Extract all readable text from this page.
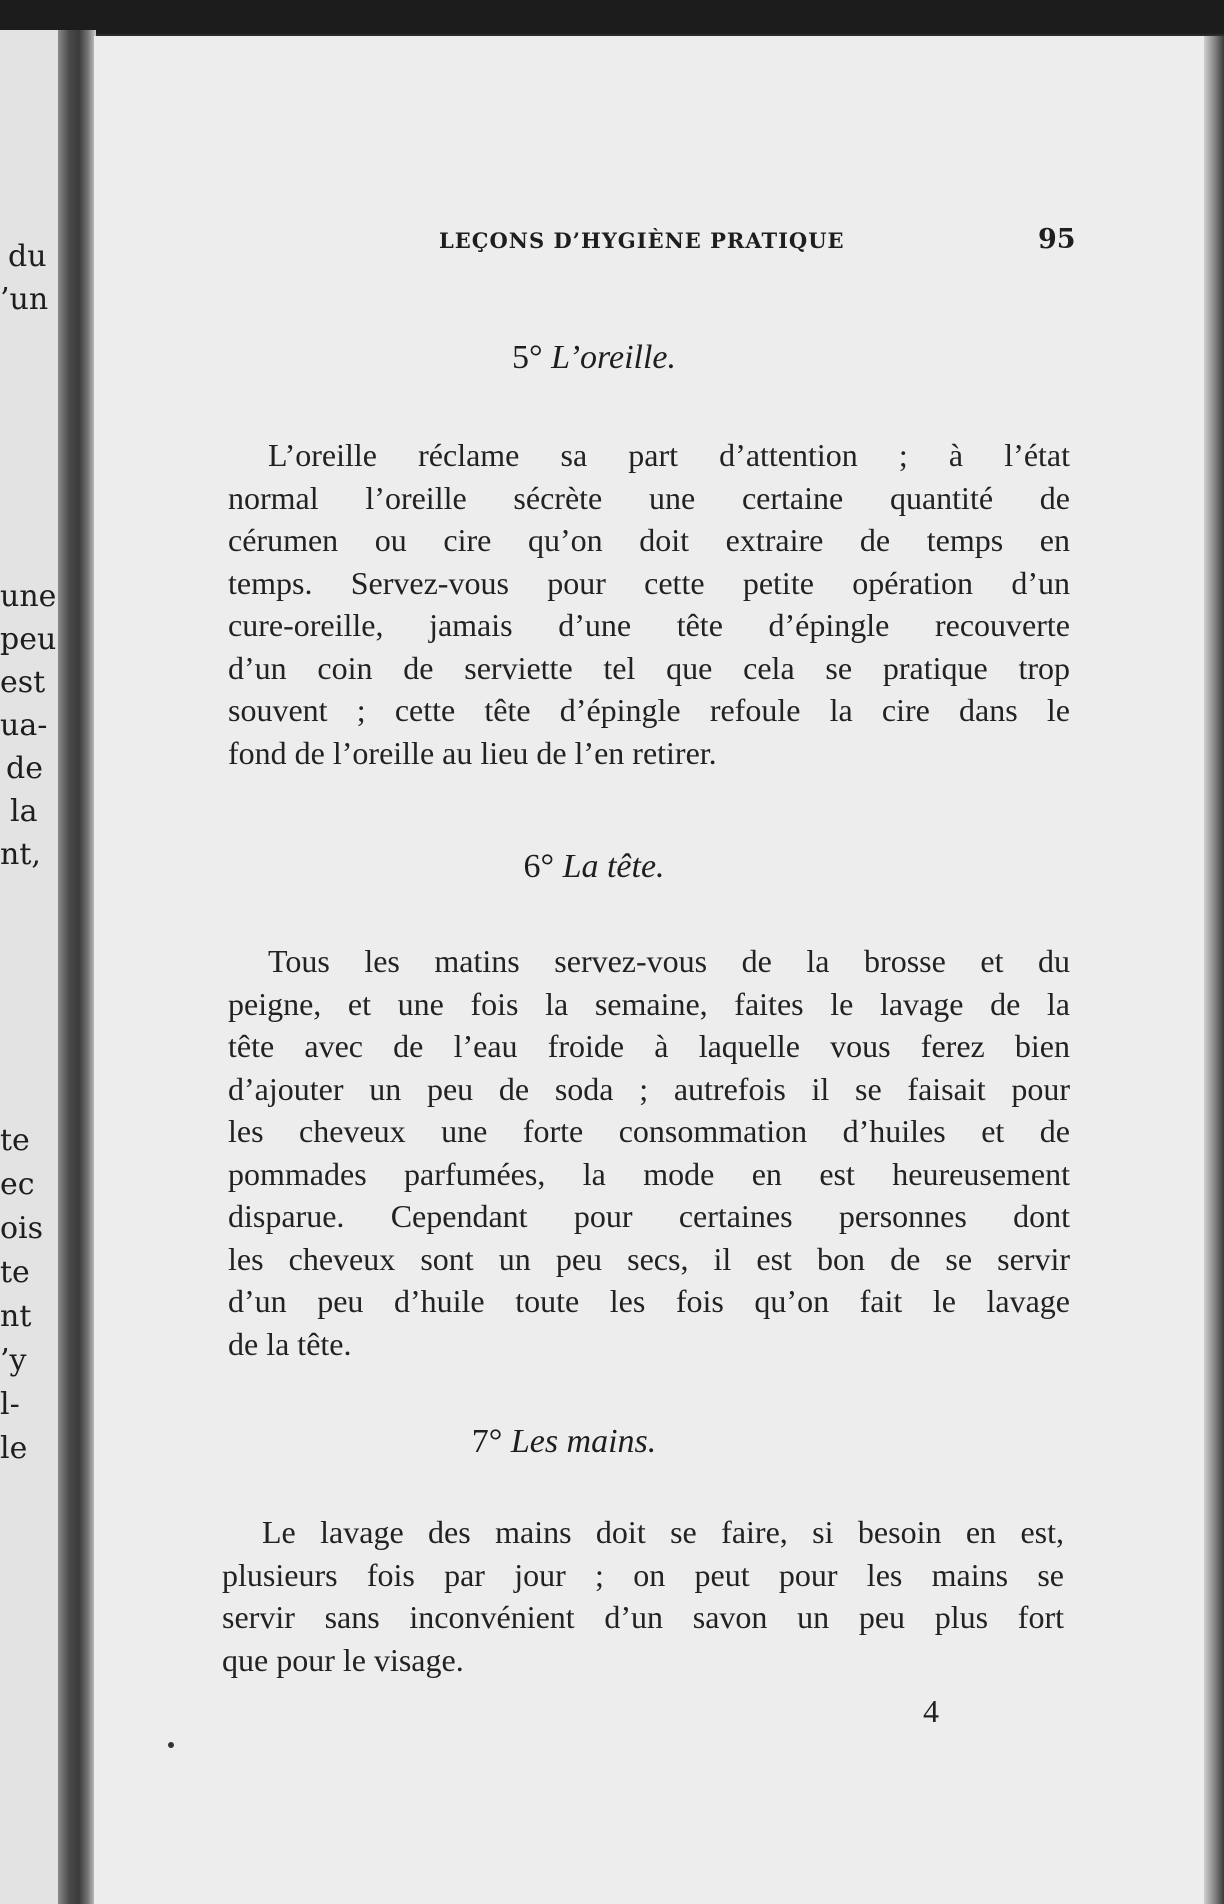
du
’un
une
peu
est
ua-
de
la
nt,
te
ec
ois
te
nt
’y
l-
le
LEÇONS D’HYGIÈNE PRATIQUE	95
5° L’oreille.
L’oreille réclame sa part d’attention ; à l’état
normal l’oreille sécrète une certaine quantité de
cérumen ou cire qu’on doit extraire de temps en
temps. Servez-vous pour cette petite opération d’un
cure-oreille, jamais d’une tête d’épingle recouverte
d’un coin de serviette tel que cela se pratique trop
souvent ; cette tête d’épingle refoule la cire dans le
fond de l’oreille au lieu de l’en retirer.
6° La tête.
Tous les matins servez-vous de la brosse et du
peigne, et une fois la semaine, faites le lavage de la
tête avec de l’eau froide à laquelle vous ferez bien
d’ajouter un peu de soda ; autrefois il se faisait pour
les cheveux une forte consommation d’huiles et de
pommades parfumées, la mode en est heureusement
disparue. Cependant pour certaines personnes dont
les cheveux sont un peu secs, il est bon de se servir
d’un peu d’huile toute les fois qu’on fait le lavage
de la tête.
7° Les mains.
Le lavage des mains doit se faire, si besoin en est,
plusieurs fois par jour ; on peut pour les mains se
servir sans inconvénient d’un savon un peu plus fort
que pour le visage.
4
